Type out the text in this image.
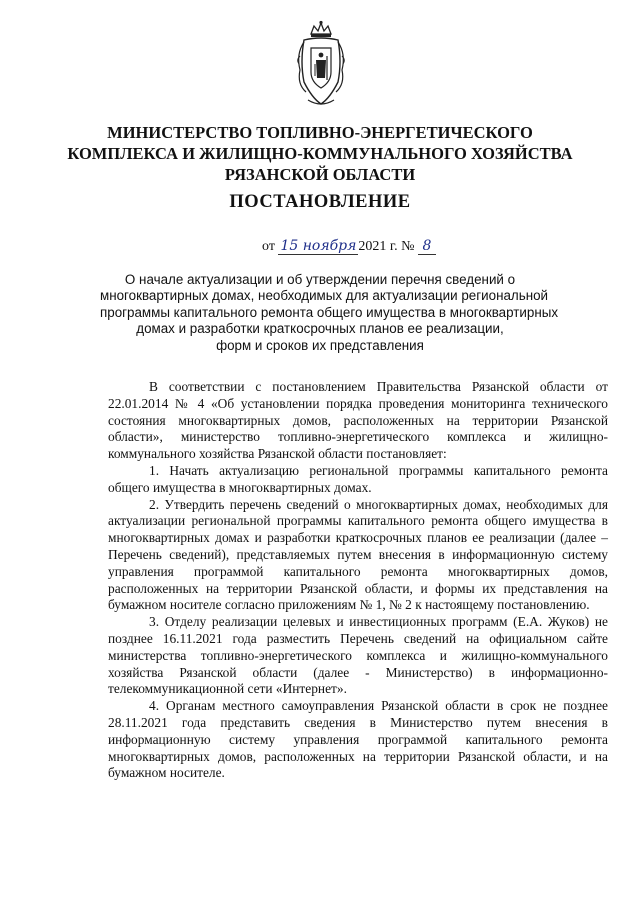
МИНИСТЕРСТВО ТОПЛИВНО-ЭНЕРГЕТИЧЕСКОГО
КОМПЛЕКСА И ЖИЛИЩНО-КОММУНАЛЬНОГО ХОЗЯЙСТВА
РЯЗАНСКОЙ ОБЛАСТИ
ПОСТАНОВЛЕНИЕ
от 15 ноября 2021 г. № 8
О начале актуализации и об утверждении перечня сведений о
многоквартирных домах, необходимых для актуализации региональной
программы капитального ремонта общего имущества в многоквартирных
домах и разработки краткосрочных планов ее реализации,
форм и сроков их представления

В соответствии с постановлением Правительства Рязанской области от 22.01.2014 № 4 «Об установлении порядка проведения мониторинга технического состояния многоквартирных домов, расположенных на территории Рязанской области», министерство топливно-энергетического комплекса и жилищно-коммунального хозяйства Рязанской области постановляет:

1. Начать актуализацию региональной программы капитального ремонта общего имущества в многоквартирных домах.

2. Утвердить перечень сведений о многоквартирных домах, необходимых для актуализации региональной программы капитального ремонта общего имущества в многоквартирных домах и разработки краткосрочных планов ее реализации (далее – Перечень сведений), представляемых путем внесения в информационную систему управления программой капитального ремонта многоквартирных домов, расположенных на территории Рязанской области, и формы их представления на бумажном носителе согласно приложениям № 1, № 2 к настоящему постановлению.

3. Отделу реализации целевых и инвестиционных программ (Е.А. Жуков) не позднее 16.11.2021 года разместить Перечень сведений на официальном сайте министерства топливно-энергетического комплекса и жилищно-коммунального хозяйства Рязанской области (далее - Министерство) в информационно-телекоммуникационной сети «Интернет».

4. Органам местного самоуправления Рязанской области в срок не позднее 28.11.2021 года представить сведения в Министерство путем внесения в информационную систему управления программой капитального ремонта многоквартирных домов, расположенных на территории Рязанской области, и на бумажном носителе.
